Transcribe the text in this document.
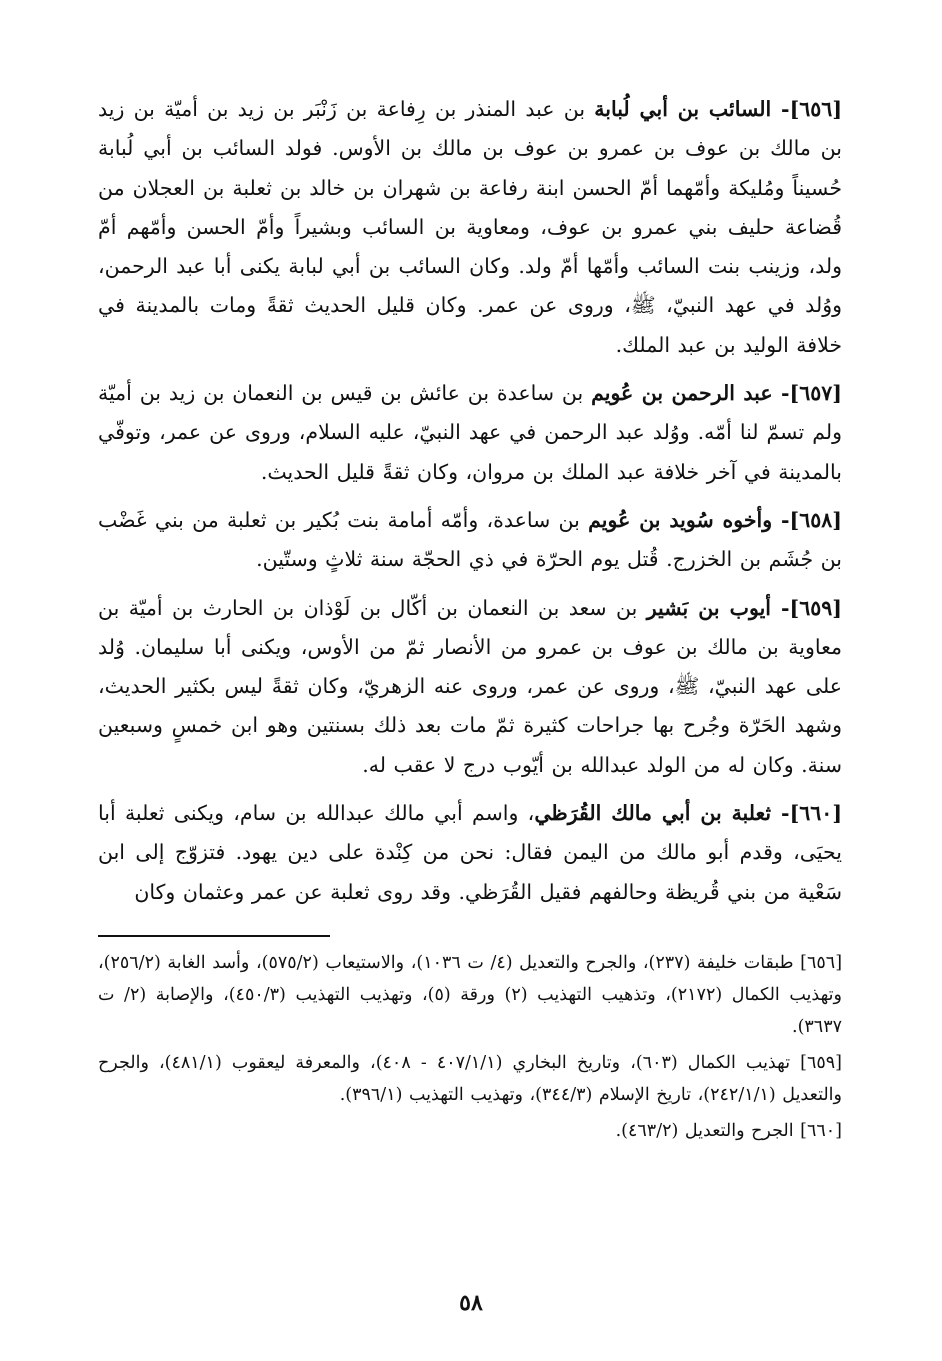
[٦٥٦]- السائب بن أبي لُبابة بن عبد المنذر بن رِفاعة بن زَنْبَر بن زيد بن أميّة بن زيد بن مالك بن عوف بن عمرو بن عوف بن مالك بن الأوس. فولد السائب بن أبي لُبابة حُسيناً ومُليكة وأمّهما أمّ الحسن ابنة رفاعة بن شهران بن خالد بن ثعلبة بن العجلان من قُضاعة حليف بني عمرو بن عوف، ومعاوية بن السائب وبشيراً وأمّ الحسن وأمّهم أمّ ولد، وزينب بنت السائب وأمّها أمّ ولد. وكان السائب بن أبي لبابة يكنى أبا عبد الرحمن، ووُلد في عهد النبيّ، ﷺ، وروى عن عمر. وكان قليل الحديث ثقةً ومات بالمدينة في خلافة الوليد بن عبد الملك.

[٦٥٧]- عبد الرحمن بن عُويم بن ساعدة بن عائش بن قيس بن النعمان بن زيد بن أميّة ولم تسمّ لنا أمّه. ووُلد عبد الرحمن في عهد النبيّ، عليه السلام، وروى عن عمر، وتوفّي بالمدينة في آخر خلافة عبد الملك بن مروان، وكان ثقةً قليل الحديث.

[٦٥٨]- وأخوه سُويد بن عُويم بن ساعدة، وأمّه أمامة بنت بُكير بن ثعلبة من بني غَضْب بن جُشَم بن الخزرج. قُتل يوم الحرّة في ذي الحجّة سنة ثلاثٍ وستّين.

[٦٥٩]- أيوب بن بَشير بن سعد بن النعمان بن أكّال بن لَوْذان بن الحارث بن أميّة بن معاوية بن مالك بن عوف بن عمرو من الأنصار ثمّ من الأوس، ويكنى أبا سليمان. وُلد على عهد النبيّ، ﷺ، وروى عن عمر، وروى عنه الزهريّ، وكان ثقةً ليس بكثير الحديث، وشهد الحَرّة وجُرح بها جراحات كثيرة ثمّ مات بعد ذلك بسنتين وهو ابن خمسٍ وسبعين سنة. وكان له من الولد عبدالله بن أيّوب درج لا عقب له.

[٦٦٠]- ثعلبة بن أبي مالك القُرَظي، واسم أبي مالك عبدالله بن سام، ويكنى ثعلبة أبا يحيَى، وقدم أبو مالك من اليمن فقال: نحن من كِنْدة على دين يهود. فتزوّج إلى ابن سَعْية من بني قُريظة وحالفهم فقيل القُرَظي. وقد روى ثعلبة عن عمر وعثمان وكان

[٦٥٦] طبقات خليفة (٢٣٧)، والجرح والتعديل (٤/ ت ١٠٣٦)، والاستيعاب (٥٧٥/٢)، وأسد الغابة (٢٥٦/٢)، وتهذيب الكمال (٢١٧٢)، وتذهيب التهذيب (٢) ورقة (٥)، وتهذيب التهذيب (٤٥٠/٣)، والإصابة (٢/ ت ٣٦٣٧).

[٦٥٩] تهذيب الكمال (٦٠٣)، وتاريخ البخاري (٤٠٧/١/١ - ٤٠٨)، والمعرفة ليعقوب (٤٨١/١)، والجرح والتعديل (٢٤٢/١/١)، تاريخ الإسلام (٣٤٤/٣)، وتهذيب التهذيب (٣٩٦/١).

[٦٦٠] الجرح والتعديل (٤٦٣/٢).

٥٨
